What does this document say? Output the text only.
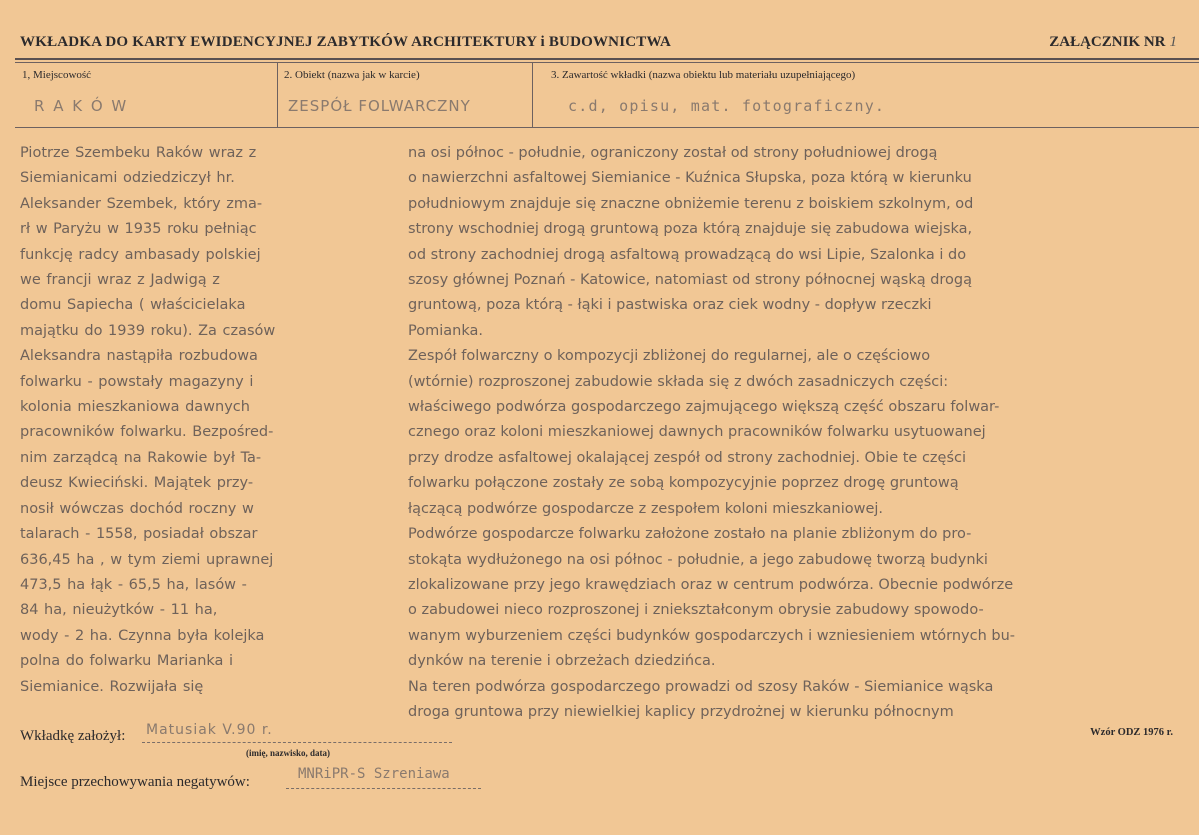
WKŁADKA DO KARTY EWIDENCYJNEJ ZABYTKÓW ARCHITEKTURY i BUDOWNICTWA	ZAŁĄCZNIK NR 1
1, Miejscowość
R A K Ó W
2. Obiekt (nazwa jak w karcie)
ZESPÓŁ FOLWARCZNY
3. Zawartość wkładki (nazwa obiektu lub materiału uzupełniającego)
c.d, opisu, mat. fotograficzny.
Piotrze Szembeku Raków wraz z
Siemianicami odziedziczył hr.
Aleksander Szembek, który zma-
rł w Paryżu w 1935 roku pełniąc
funkcję radcy ambasady polskiej
we francji wraz z Jadwigą z
domu Sapiecha ( właścicielaka
majątku do 1939 roku). Za czasów
Aleksandra nastąpiła rozbudowa
folwarku - powstały magazyny i
kolonia mieszkaniowa dawnych
pracowników folwarku. Bezpośred-
nim zarządcą na Rakowie był Ta-
deusz Kwieciński. Majątek przy-
nosił wówczas dochód roczny w
talarach - 1558, posiadał obszar
636,45 ha , w tym ziemi uprawnej
473,5 ha łąk - 65,5 ha, lasów -
84 ha, nieużytków - 11 ha,
wody - 2 ha. Czynna była kolejka
polna do folwarku Marianka i
Siemianice. Rozwijała się
na osi północ - południe, ograniczony został od strony południowej drogą
o nawierzchni asfaltowej Siemianice - Kuźnica Słupska, poza którą w kierunku
południowym znajduje się znaczne obniżemie terenu z boiskiem szkolnym, od
strony wschodniej drogą gruntową poza którą znajduje się zabudowa wiejska,
od strony zachodniej drogą asfaltową prowadzącą do wsi Lipie, Szalonka i do
szosy głównej Poznań - Katowice, natomiast od strony północnej wąską drogą
gruntową, poza którą - łąki i pastwiska oraz ciek wodny - dopływ rzeczki
Pomianka.
Zespół folwarczny o kompozycji zbliżonej do regularnej, ale o częściowo
(wtórnie) rozproszonej zabudowie składa się z dwóch zasadniczych części:
właściwego podwórza gospodarczego zajmującego większą część obszaru folwar-
cznego oraz koloni mieszkaniowej dawnych pracowników folwarku usytuowanej
przy drodze asfaltowej okalającej zespół od strony zachodniej. Obie te części
folwarku połączone zostały ze sobą kompozycyjnie poprzez drogę gruntową
łączącą podwórze gospodarcze z zespołem koloni mieszkaniowej.
Podwórze gospodarcze folwarku założone zostało na planie zbliżonym do pro-
stokąta wydłużonego na osi północ - południe, a jego zabudowę tworzą budynki
zlokalizowane przy jego krawędziach oraz w centrum podwórza. Obecnie podwórze
o zabudowei nieco rozproszonej i zniekształconym obrysie zabudowy spowodo-
wanym wyburzeniem części budynków gospodarczych i wzniesieniem wtórnych bu-
dynków na terenie i obrzeżach dziedzińca.
Na teren podwórza gospodarczego prowadzi od szosy Raków - Siemianice wąska
droga gruntowa przy niewielkiej kaplicy przydrożnej w kierunku północnym
Wkładkę założył: Matusiak V.90 r.
(imię, nazwisko, data)
Miejsce przechowywania negatywów:	MNRiPR-S Szreniawa
Wzór ODZ 1976 r.
